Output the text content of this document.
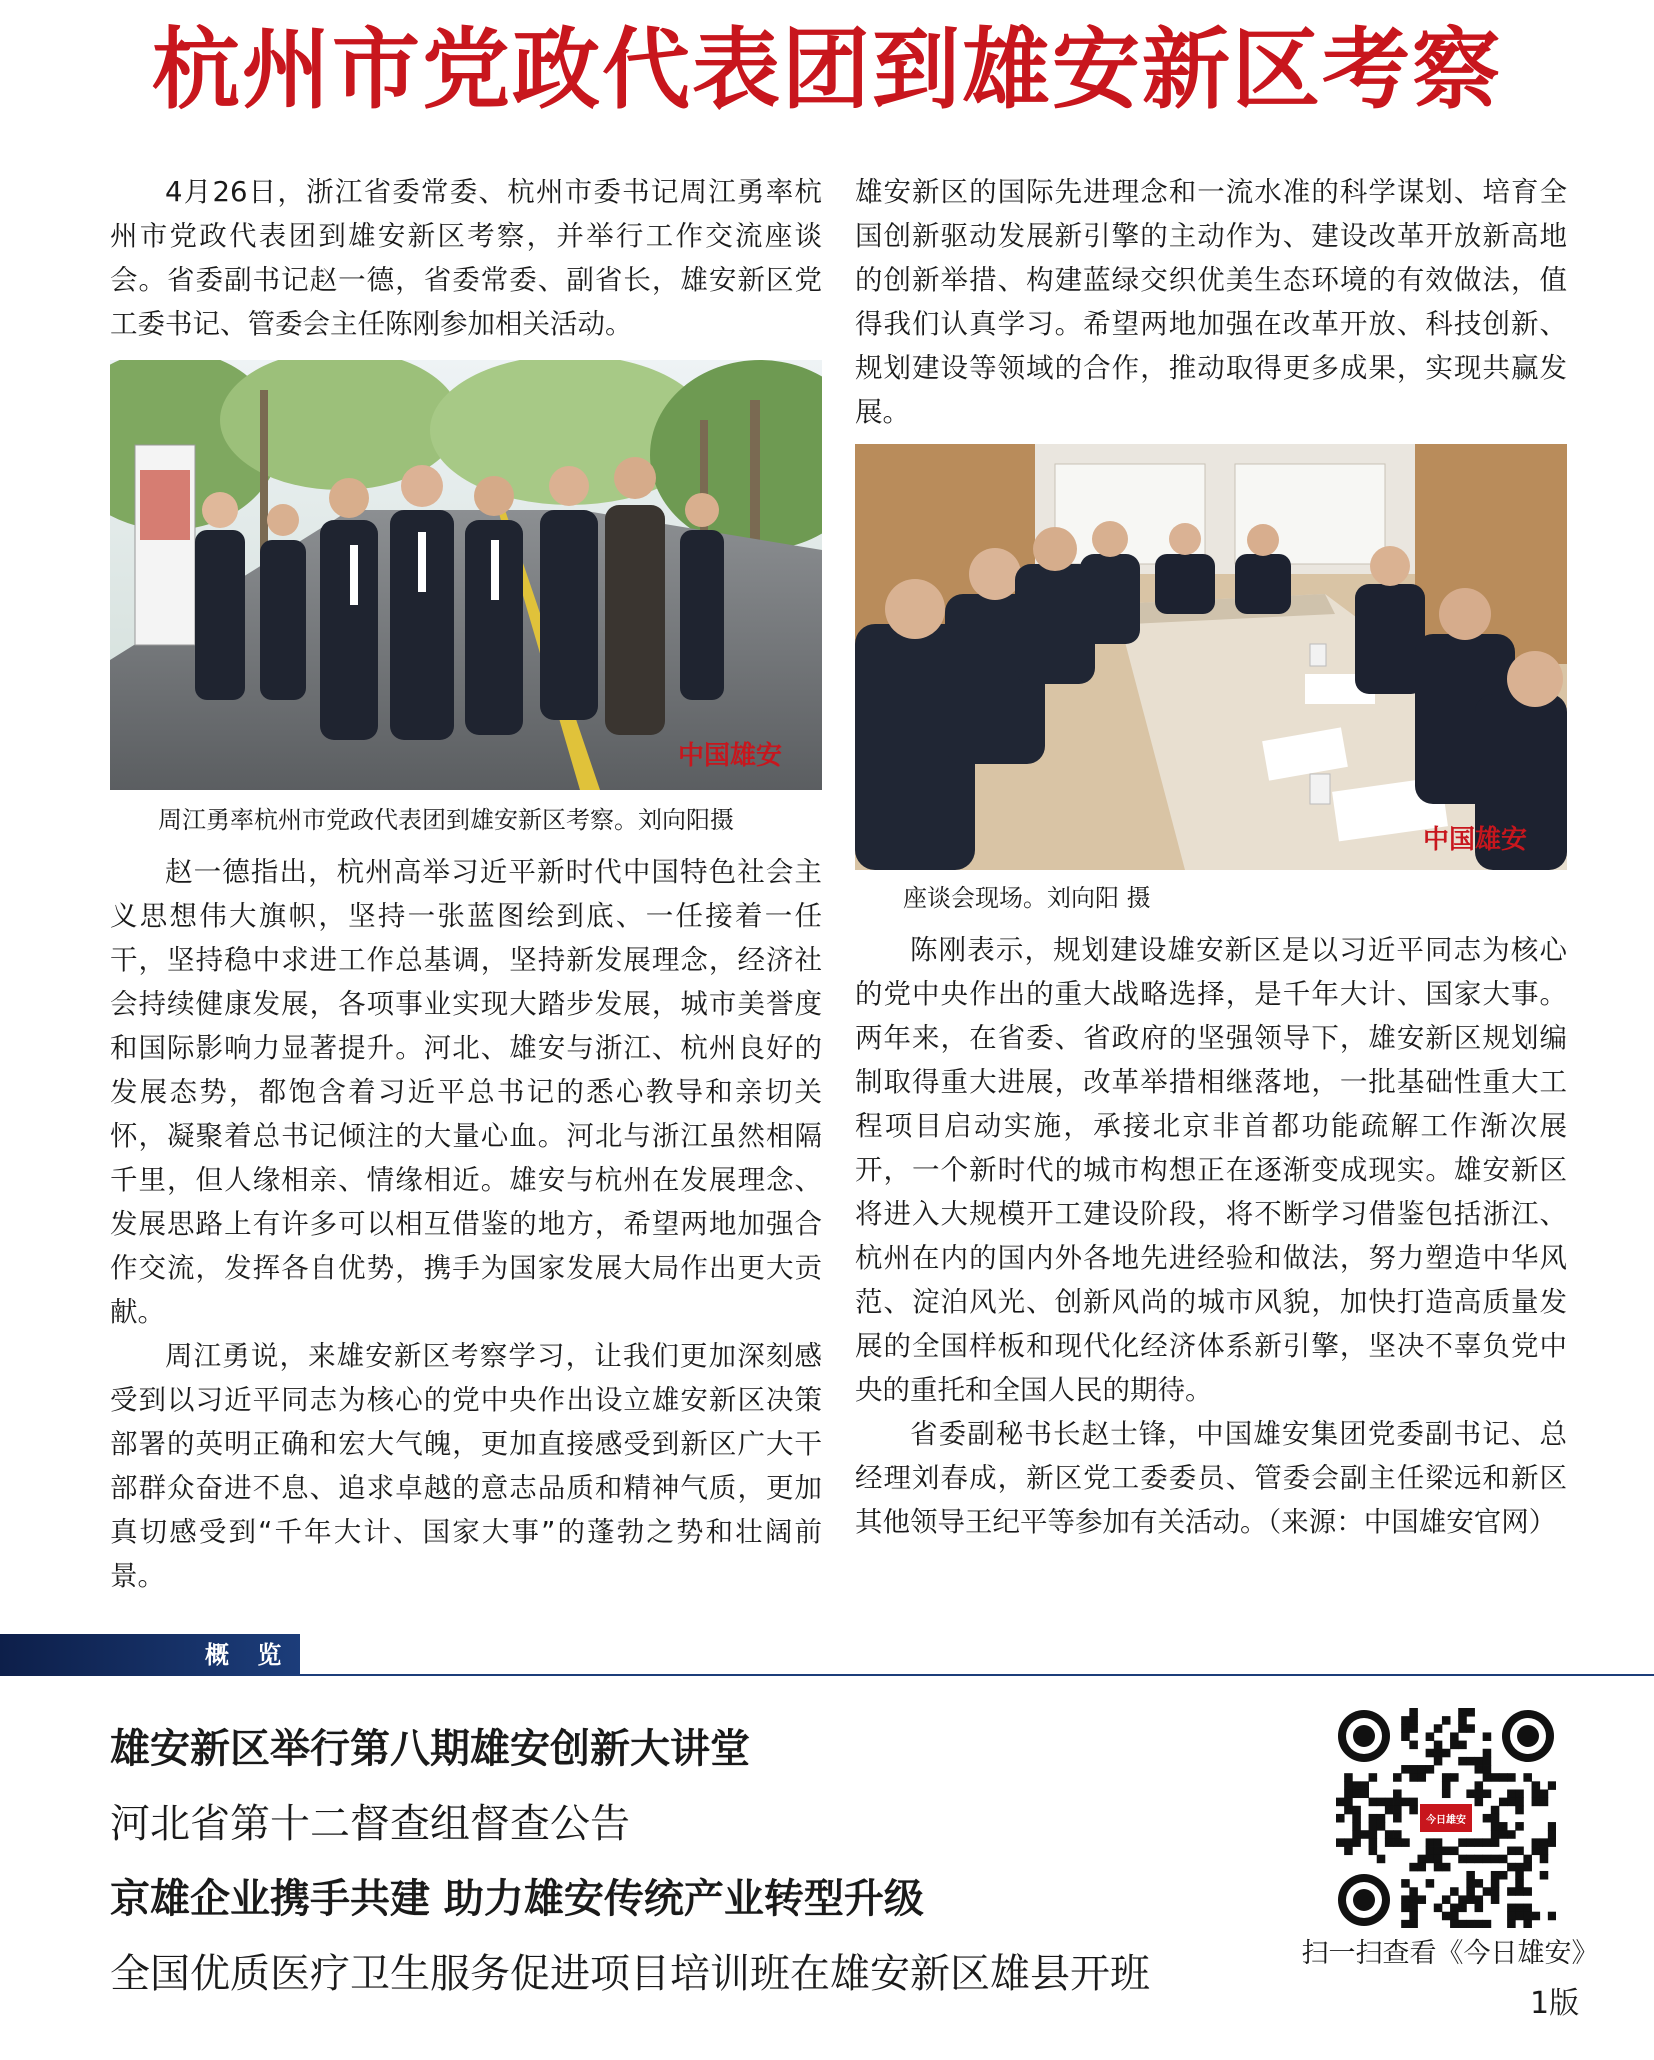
杭州市党政代表团到雄安新区考察

4月26日，浙江省委常委、杭州市委书记周江勇率杭州市党政代表团到雄安新区考察，并举行工作交流座谈会。省委副书记赵一德，省委常委、副省长，雄安新区党工委书记、管委会主任陈刚参加相关活动。

中国雄安

周江勇率杭州市党政代表团到雄安新区考察。刘向阳摄

赵一德指出，杭州高举习近平新时代中国特色社会主义思想伟大旗帜，坚持一张蓝图绘到底、一任接着一任干，坚持稳中求进工作总基调，坚持新发展理念，经济社会持续健康发展，各项事业实现大踏步发展，城市美誉度和国际影响力显著提升。河北、雄安与浙江、杭州良好的发展态势，都饱含着习近平总书记的悉心教导和亲切关怀，凝聚着总书记倾注的大量心血。河北与浙江虽然相隔千里，但人缘相亲、情缘相近。雄安与杭州在发展理念、发展思路上有许多可以相互借鉴的地方，希望两地加强合作交流，发挥各自优势，携手为国家发展大局作出更大贡献。

周江勇说，来雄安新区考察学习，让我们更加深刻感受到以习近平同志为核心的党中央作出设立雄安新区决策部署的英明正确和宏大气魄，更加直接感受到新区广大干部群众奋进不息、追求卓越的意志品质和精神气质，更加真切感受到“千年大计、国家大事”的蓬勃之势和壮阔前景。

雄安新区的国际先进理念和一流水准的科学谋划、培育全国创新驱动发展新引擎的主动作为、建设改革开放新高地的创新举措、构建蓝绿交织优美生态环境的有效做法，值得我们认真学习。希望两地加强在改革开放、科技创新、规划建设等领域的合作，推动取得更多成果，实现共赢发展。

中国雄安

座谈会现场。刘向阳 摄

陈刚表示，规划建设雄安新区是以习近平同志为核心的党中央作出的重大战略选择，是千年大计、国家大事。两年来，在省委、省政府的坚强领导下，雄安新区规划编制取得重大进展，改革举措相继落地，一批基础性重大工程项目启动实施，承接北京非首都功能疏解工作渐次展开，一个新时代的城市构想正在逐渐变成现实。雄安新区将进入大规模开工建设阶段，将不断学习借鉴包括浙江、杭州在内的国内外各地先进经验和做法，努力塑造中华风范、淀泊风光、创新风尚的城市风貌，加快打造高质量发展的全国样板和现代化经济体系新引擎，坚决不辜负党中央的重托和全国人民的期待。

省委副秘书长赵士锋，中国雄安集团党委副书记、总经理刘春成，新区党工委委员、管委会副主任梁远和新区其他领导王纪平等参加有关活动。（来源：中国雄安官网）

概 览
雄安新区举行第八期雄安创新大讲堂
河北省第十二督查组督查公告
京雄企业携手共建 助力雄安传统产业转型升级
全国优质医疗卫生服务促进项目培训班在雄安新区雄县开班
今日雄安
扫一扫查看《今日雄安》
1版
